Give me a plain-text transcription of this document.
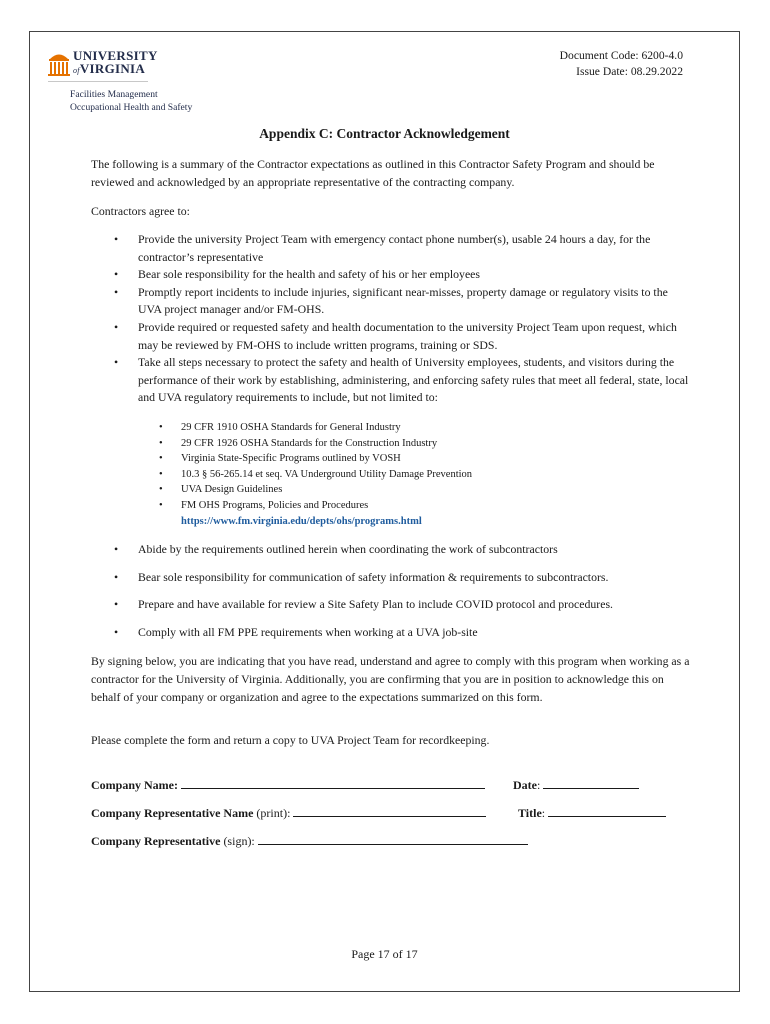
UNIVERSITY
ofVIRGINIA
Facilities Management
Occupational Health and Safety
Document Code: 6200-4.0
Issue Date: 08.29.2022
Appendix C: Contractor Acknowledgement
The following is a summary of the Contractor expectations as outlined in this Contractor Safety Program and should be reviewed and acknowledged by an appropriate representative of the contracting company.
Contractors agree to:
• Provide the university Project Team with emergency contact phone number(s), usable 24 hours a day, for the contractor’s representative
• Bear sole responsibility for the health and safety of his or her employees
• Promptly report incidents to include injuries, significant near-misses, property damage or regulatory visits to the UVA project manager and/or FM-OHS.
• Provide required or requested safety and health documentation to the university Project Team upon request, which may be reviewed by FM-OHS to include written programs, training or SDS.
• Take all steps necessary to protect the safety and health of University employees, students, and visitors during the performance of their work by establishing, administering, and enforcing safety rules that meet all federal, state, local and UVA regulatory requirements to include, but not limited to:
• 29 CFR 1910 OSHA Standards for General Industry
• 29 CFR 1926 OSHA Standards for the Construction Industry
• Virginia State-Specific Programs outlined by VOSH
• 10.3 § 56-265.14 et seq. VA Underground Utility Damage Prevention
• UVA Design Guidelines
• FM OHS Programs, Policies and Procedures
https://www.fm.virginia.edu/depts/ohs/programs.html
• Abide by the requirements outlined herein when coordinating the work of subcontractors
• Bear sole responsibility for communication of safety information & requirements to subcontractors.
• Prepare and have available for review a Site Safety Plan to include COVID protocol and procedures.
• Comply with all FM PPE requirements when working at a UVA job-site
By signing below, you are indicating that you have read, understand and agree to comply with this program when working as a contractor for the University of Virginia. Additionally, you are confirming that you are in position to acknowledge this on behalf of your company or organization and agree to the expectations summarized on this form.
Please complete the form and return a copy to UVA Project Team for recordkeeping.
Company Name:	Date:
Company Representative Name (print):	Title:
Company Representative (sign):
Page 17 of 17
